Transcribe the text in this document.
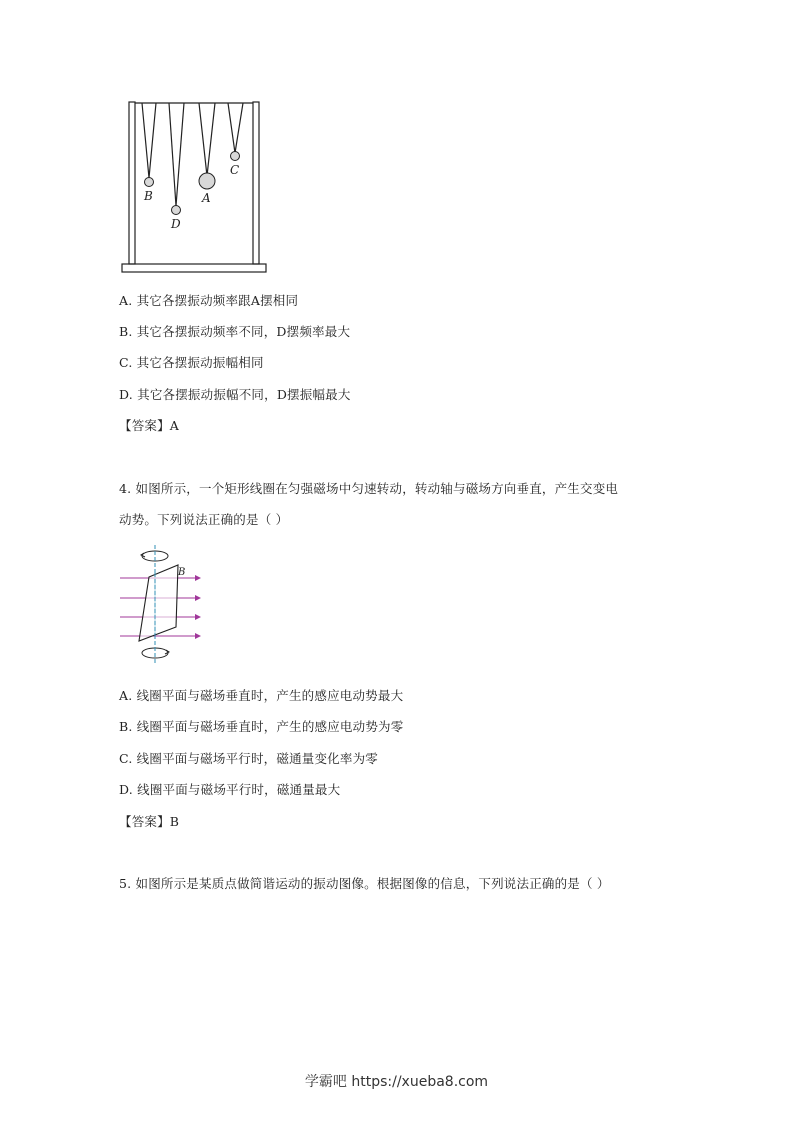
B
D
A
C
A. 其它各摆振动频率跟A摆相同
B. 其它各摆振动频率不同，D摆频率最大
C. 其它各摆振动振幅相同
D. 其它各摆振动振幅不同，D摆振幅最大
【答案】A
4. 如图所示，一个矩形线圈在匀强磁场中匀速转动，转动轴与磁场方向垂直，产生交变电
动势。下列说法正确的是（ ）
B
A. 线圈平面与磁场垂直时，产生的感应电动势最大
B. 线圈平面与磁场垂直时，产生的感应电动势为零
C. 线圈平面与磁场平行时，磁通量变化率为零
D. 线圈平面与磁场平行时，磁通量最大
【答案】B
5. 如图所示是某质点做简谐运动的振动图像。根据图像的信息，下列说法正确的是（ ）
学霸吧 https://xueba8.com
